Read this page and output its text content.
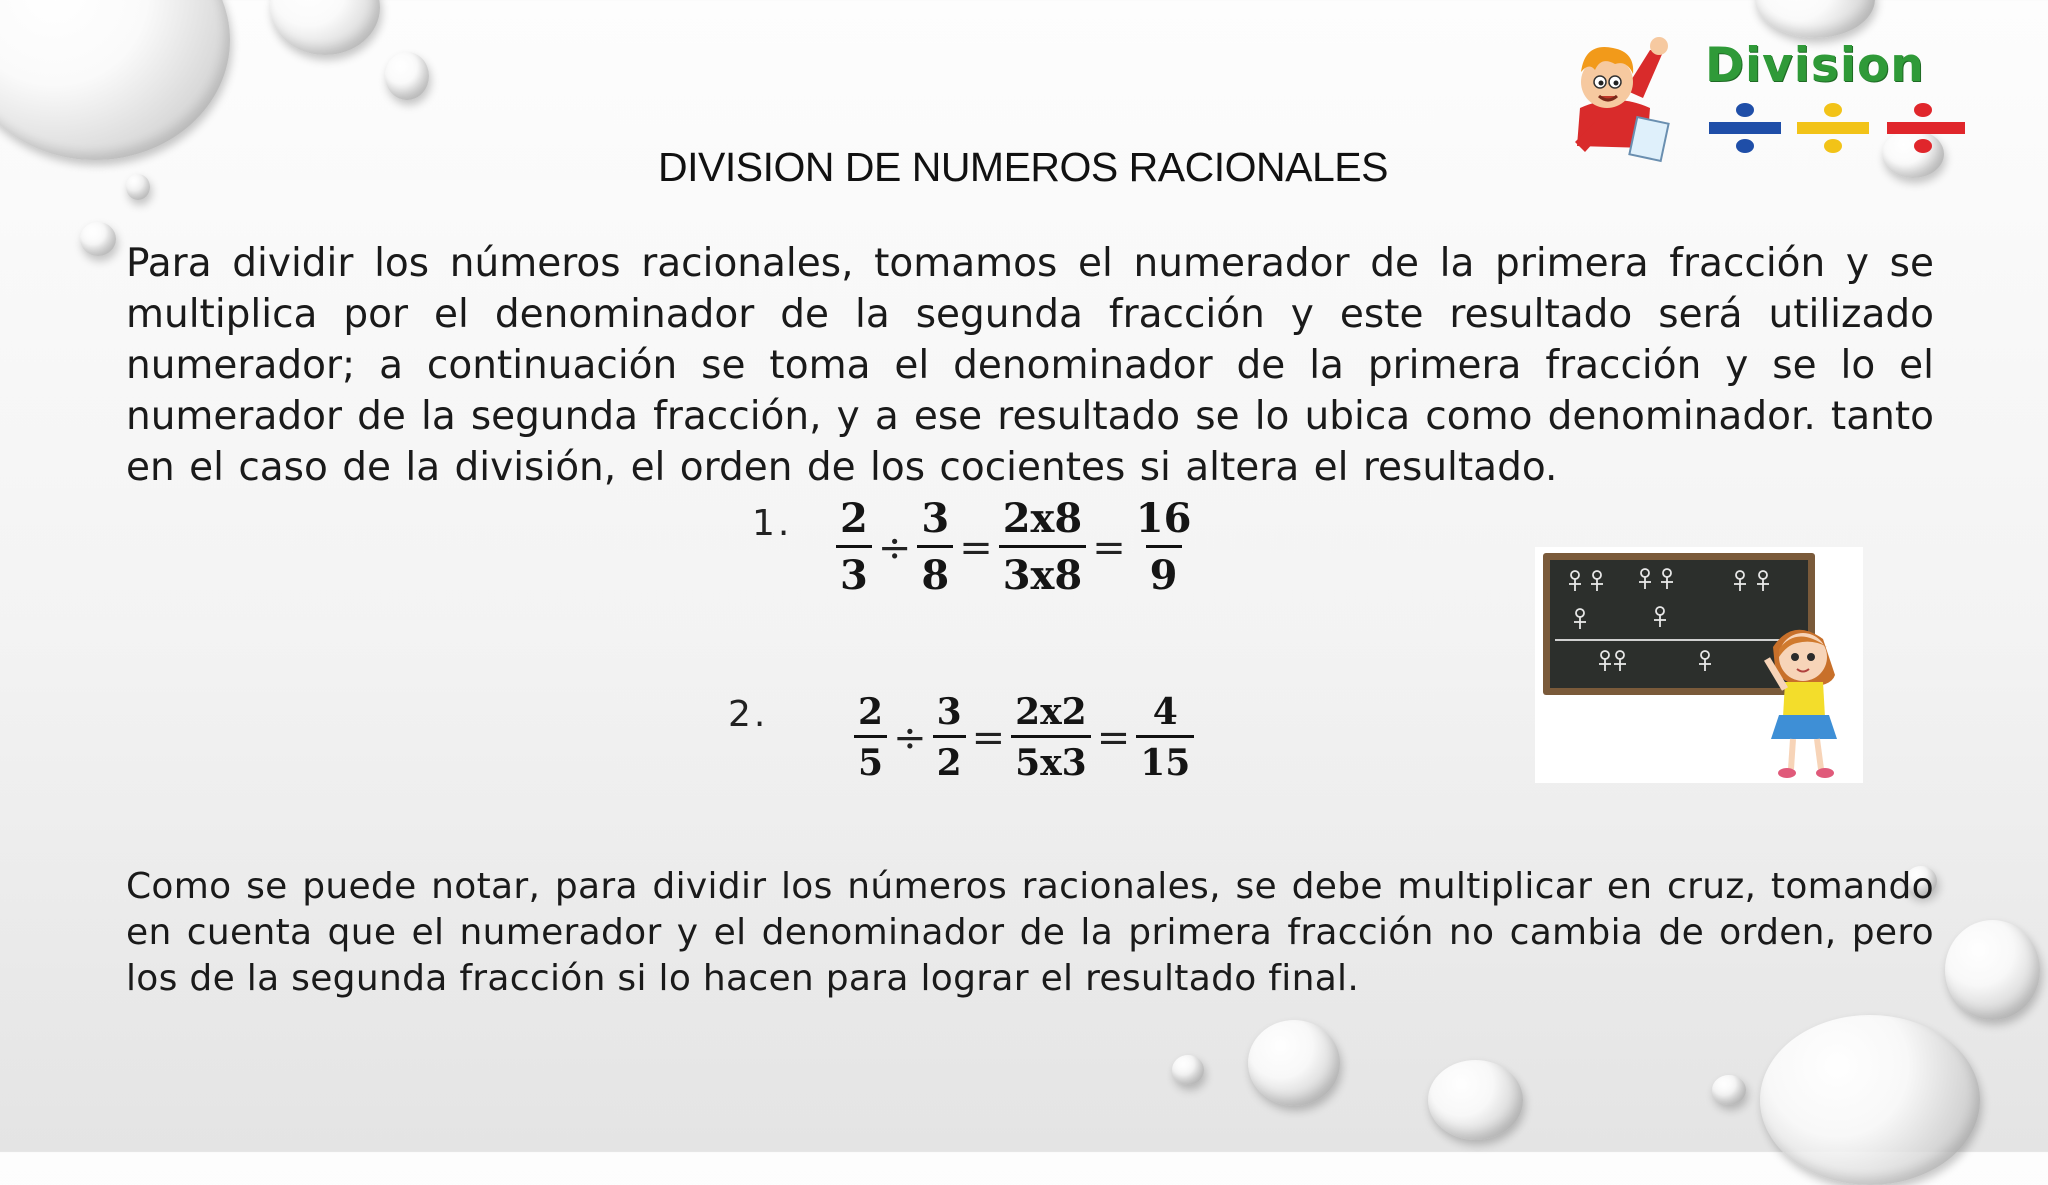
Division
DIVISION DE NUMEROS RACIONALES
Para dividir los números racionales, tomamos el numerador de la primera fracción y se multiplica por el denominador de la segunda fracción y este resultado será utilizado numerador; a continuación se toma el denominador de la primera fracción y se lo el numerador de la segunda fracción, y a ese resultado se lo ubica como denominador. tanto en el caso de la división, el orden de los cocientes si altera el resultado.
1. $\frac{2}{3} \div \frac{3}{8} = \frac{2x8}{3x8} = \frac{16}{9}$
2. $\frac{2}{5} \div \frac{3}{2} = \frac{2x2}{5x3} = \frac{4}{15}$
Como se puede notar, para dividir los números racionales, se debe multiplicar en cruz, tomando en cuenta que el numerador y el denominador de la primera fracción no cambia de orden, pero los de la segunda fracción si lo hacen para lograr el resultado final.
